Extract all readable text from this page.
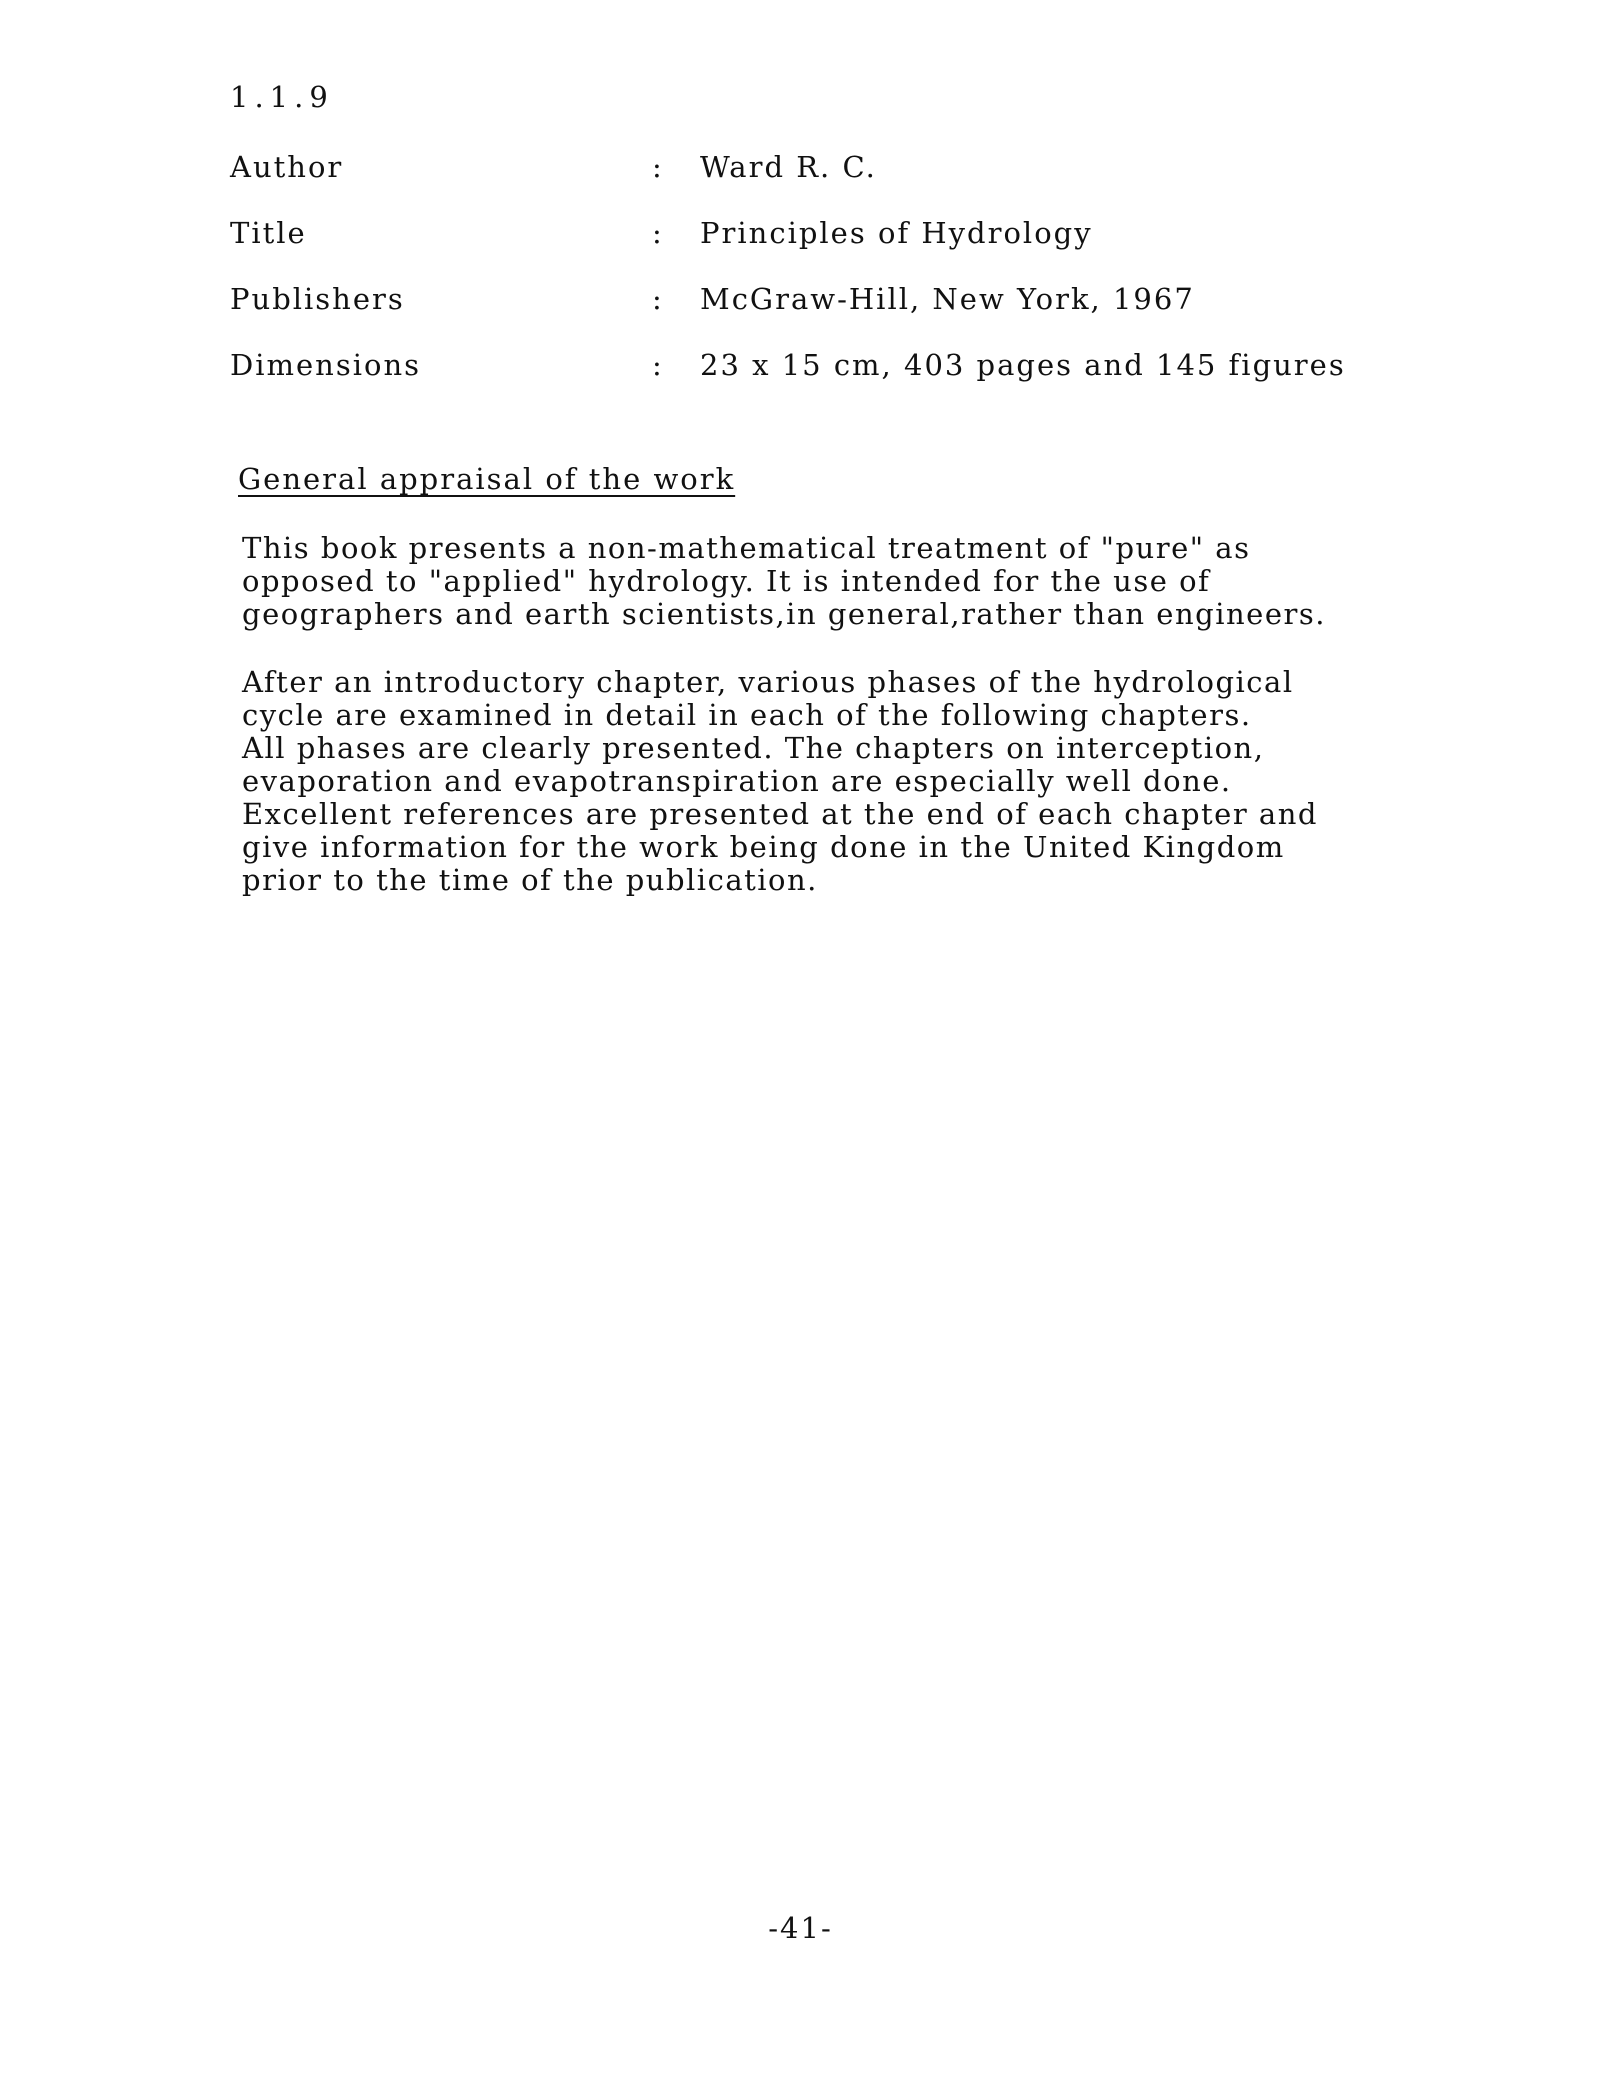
1.1.9
Author	: Ward R. C.
Title	: Principles of Hydrology
Publishers	: McGraw-Hill, New York, 1967
Dimensions	: 23 x 15 cm, 403 pages and 145 figures
General appraisal of the work

This book presents a non-mathematical treatment of "pure" as
opposed to "applied" hydrology. It is intended for the use of
geographers and earth scientists,in general,rather than engineers.

After an introductory chapter, various phases of the hydrological
cycle are examined in detail in each of the following chapters.
All phases are clearly presented. The chapters on interception,
evaporation and evapotranspiration are especially well done.
Excellent references are presented at the end of each chapter and
give information for the work being done in the United Kingdom
prior to the time of the publication.

-41-
